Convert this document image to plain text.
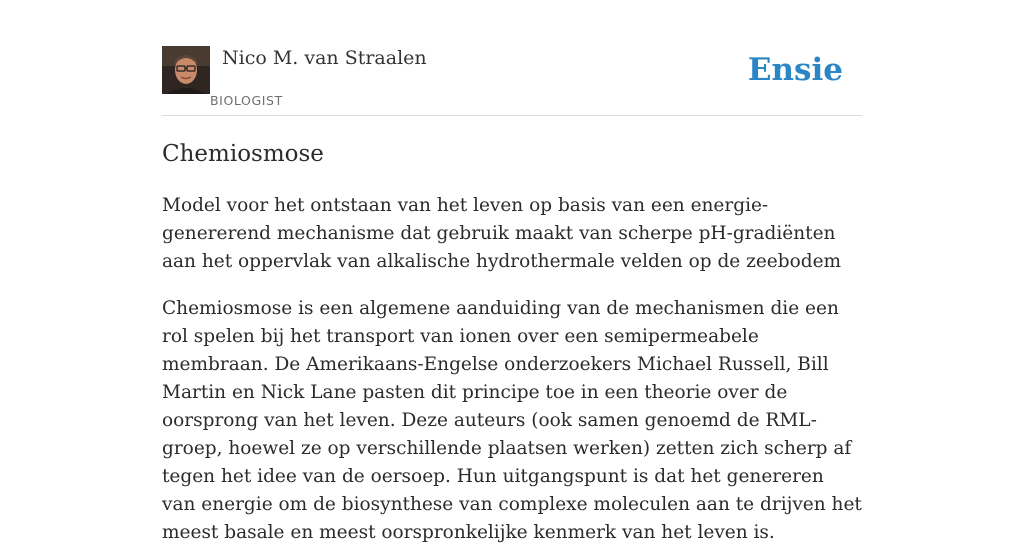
Nico M. van Straalen
BIOLOGIST
Ensie
Chemiosmose

Model voor het ontstaan van het leven op basis van een energie-genererend mechanisme dat gebruik maakt van scherpe pH-gradiënten aan het oppervlak van alkalische hydrothermale velden op de zeebodem

Chemiosmose is een algemene aanduiding van de mechanismen die een rol spelen bij het transport van ionen over een semipermeabele membraan. De Amerikaans-Engelse onderzoekers Michael Russell, Bill Martin en Nick Lane pasten dit principe toe in een theorie over de oorsprong van het leven. Deze auteurs (ook samen genoemd de RML-groep, hoewel ze op verschillende plaatsen werken) zetten zich scherp af tegen het idee van de oersoep. Hun uitgangspunt is dat het genereren van energie om de biosynthese van complexe moleculen aan te drijven het meest basale en meest oorspronkelijke kenmerk van het leven is.
